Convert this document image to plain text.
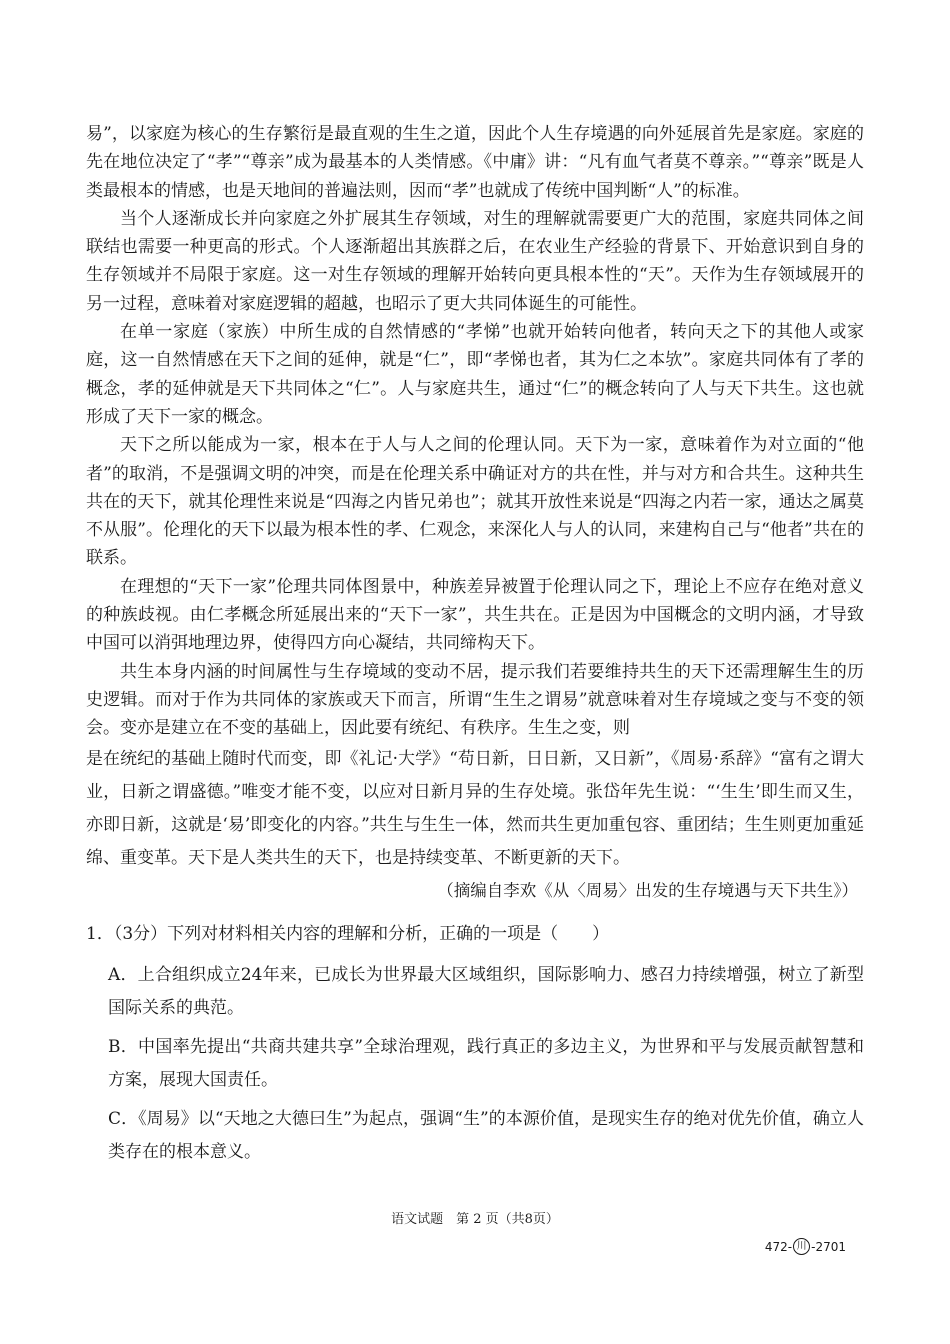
易”，以家庭为核心的生存繁衍是最直观的生生之道，因此个人生存境遇的向外延展首先是家庭。家庭的先在地位决定了“孝”“尊亲”成为最基本的人类情感。《中庸》讲：“凡有血气者莫不尊亲。”“尊亲”既是人类最根本的情感，也是天地间的普遍法则，因而“孝”也就成了传统中国判断“人”的标准。

当个人逐渐成长并向家庭之外扩展其生存领域，对生的理解就需要更广大的范围，家庭共同体之间联结也需要一种更高的形式。个人逐渐超出其族群之后，在农业生产经验的背景下、开始意识到自身的生存领域并不局限于家庭。这一对生存领域的理解开始转向更具根本性的“天”。天作为生存领域展开的另一过程，意味着对家庭逻辑的超越，也昭示了更大共同体诞生的可能性。

在单一家庭（家族）中所生成的自然情感的“孝悌”也就开始转向他者，转向天之下的其他人或家庭，这一自然情感在天下之间的延伸，就是“仁”，即“孝悌也者，其为仁之本欤”。家庭共同体有了孝的概念，孝的延伸就是天下共同体之“仁”。人与家庭共生，通过“仁”的概念转向了人与天下共生。这也就形成了天下一家的概念。

天下之所以能成为一家，根本在于人与人之间的伦理认同。天下为一家，意味着作为对立面的“他者”的取消，不是强调文明的冲突，而是在伦理关系中确证对方的共在性，并与对方和合共生。这种共生共在的天下，就其伦理性来说是“四海之内皆兄弟也”；就其开放性来说是“四海之内若一家，通达之属莫不从服”。伦理化的天下以最为根本性的孝、仁观念，来深化人与人的认同，来建构自己与“他者”共在的联系。

在理想的“天下一家”伦理共同体图景中，种族差异被置于伦理认同之下，理论上不应存在绝对意义的种族歧视。由仁孝概念所延展出来的“天下一家”，共生共在。正是因为中国概念的文明内涵，才导致中国可以消弭地理边界，使得四方向心凝结，共同缔构天下。

共生本身内涵的时间属性与生存境域的变动不居，提示我们若要维持共生的天下还需理解生生的历史逻辑。而对于作为共同体的家族或天下而言，所谓“生生之谓易”就意味着对生存境域之变与不变的领会。变亦是建立在不变的基础上，因此要有统纪、有秩序。生生之变，则

是在统纪的基础上随时代而变，即《礼记·大学》“苟日新，日日新，又日新”，《周易·系辞》“富有之谓大业，日新之谓盛德。”唯变才能不变，以应对日新月异的生存处境。张岱年先生说：“‘生生’即生而又生，亦即日新，这就是‘易’即变化的内容。”共生与生生一体，然而共生更加重包容、重团结；生生则更加重延绵、重变革。天下是人类共生的天下，也是持续变革、不断更新的天下。

（摘编自李欢《从〈周易〉出发的生存境遇与天下共生》）
1．（3分）下列对材料相关内容的理解和分析，正确的一项是（　　）

A．上合组织成立24年来，已成长为世界最大区域组织，国际影响力、感召力持续增强，树立了新型国际关系的典范。

B．中国率先提出“共商共建共享”全球治理观，践行真正的多边主义，为世界和平与发展贡献智慧和方案，展现大国责任。

C．《周易》以“天地之大德曰生”为起点，强调“生”的本源价值，是现实生存的绝对优先价值，确立人类存在的根本意义。

语文试题　第 2 页（共8页）
472- 川 -2701
